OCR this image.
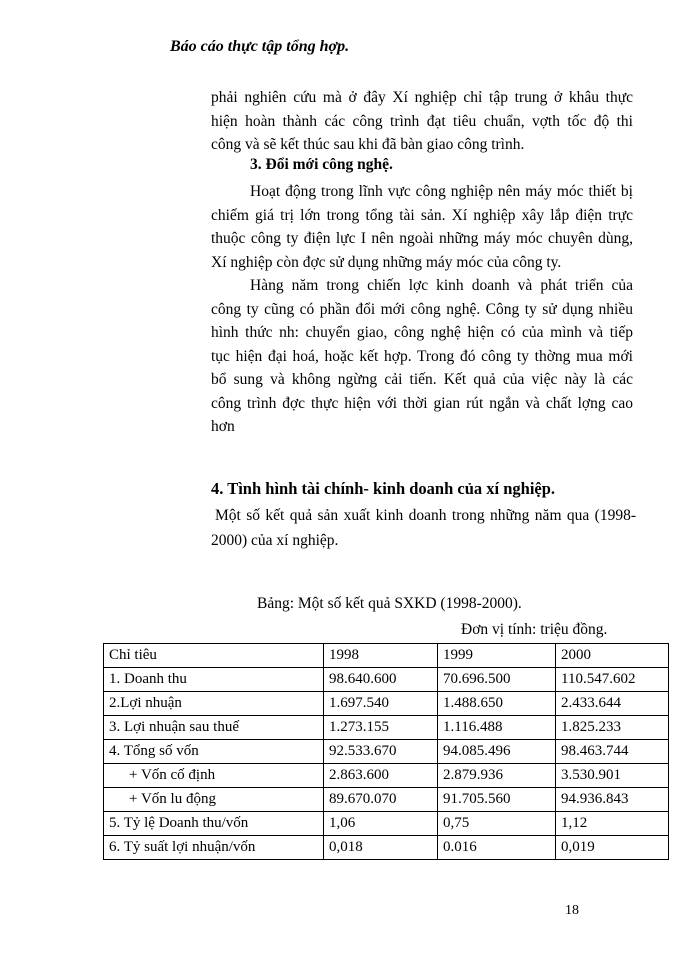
Báo cáo thực tập tổng hợp.
phải nghiên cứu mà ở đây Xí nghiệp chỉ tập trung ở khâu thực
hiện hoàn thành các công trình đạt tiêu chuẩn, vợth tốc độ thi
công và sẽ kết thúc sau khi đã bàn giao công trình.
3. Đổi mới công nghệ.
Hoạt động trong lĩnh vực công nghiệp nên máy móc thiết bị
chiếm giá trị lớn trong tổng tài sản. Xí nghiệp xây lắp điện trực
thuộc công ty điện lực I nên ngoài những máy móc chuyên dùng,
Xí nghiệp còn đợc sử dụng những máy móc của công ty.
Hàng năm trong chiến lợc kinh doanh và phát triển của
công ty cũng có phần đổi mới công nghệ. Công ty sử dụng nhiều
hình thức nh: chuyển giao, công nghệ hiện có của mình và tiếp
tục hiện đại hoá, hoặc kết hợp. Trong đó công ty thờng mua mới
bổ sung và không ngừng cải tiến. Kết quả của việc này là các
công trình đợc thực hiện với thời gian rút ngắn và chất lợng cao
hơn
4. Tình hình tài chính- kinh doanh của xí nghiệp.
Một số kết quả sản xuất kinh doanh trong những năm qua (1998-
2000) của xí nghiệp.
Bảng: Một số kết quả SXKD (1998-2000).
Đơn vị tính: triệu đồng.
Chỉ tiêu	1998	1999	2000
1. Doanh thu	98.640.600	70.696.500	110.547.602
2.Lợi nhuận	1.697.540	1.488.650	2.433.644
3. Lợi nhuận sau thuế	1.273.155	1.116.488	1.825.233
4. Tổng số vốn	92.533.670	94.085.496	98.463.744
+ Vốn cố định	2.863.600	2.879.936	3.530.901
+ Vốn lu động	89.670.070	91.705.560	94.936.843
5. Tỷ lệ Doanh thu/vốn	1,06	0,75	1,12
6. Tỷ suất lợi nhuận/vốn	0,018	0.016	0,019
18
